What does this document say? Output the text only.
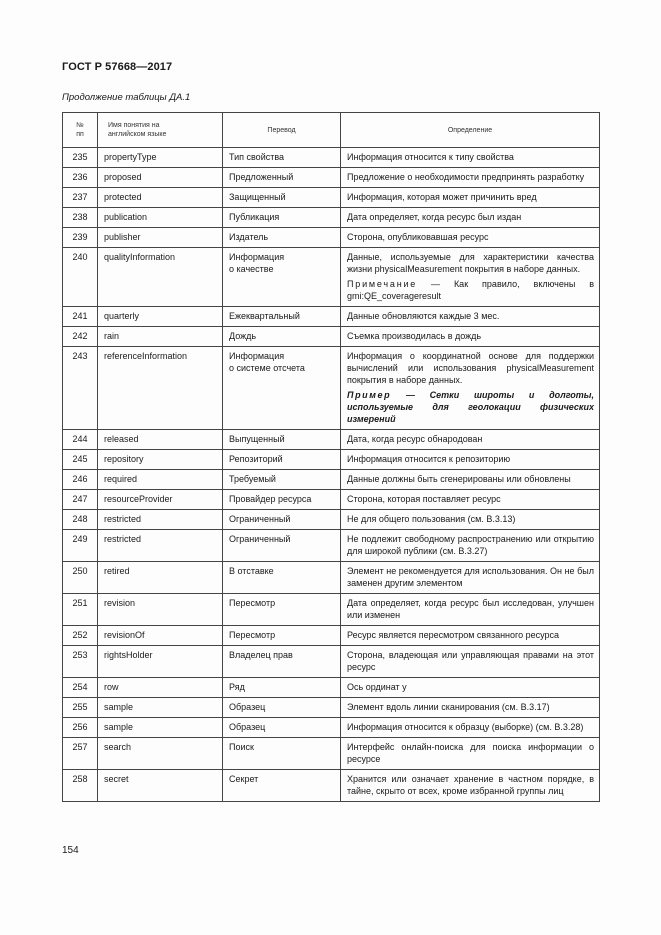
ГОСТ Р 57668—2017
Продолжение таблицы ДА.1
№
пп	Имя понятия на
английском языке	Перевод	Определение
235	propertyType	Тип свойства	Информация относится к типу свойства
236	proposed	Предложенный	Предложение о необходимости предпринять разработку
237	protected	Защищенный	Информация, которая может причинить вред
238	publication	Публикация	Дата определяет, когда ресурс был издан
239	publisher	Издатель	Сторона, опубликовавшая ресурс
240	qualityInformation	Информация
о качестве	Данные, используемые для характеристики качества жизни physicalMeasurement покрытия в наборе данных.
Примечание — Как правило, включены в gmi:QE_coverageresult

241	quarterly	Ежеквартальный	Данные обновляются каждые 3 мес.
242	rain	Дождь	Съемка производилась в дождь
243	referenceInformation	Информация
о системе отсчета	Информация о координатной основе для поддержки вычислений или использования physicalMeasurement покрытия в наборе данных.
Пример — Сетки широты и долготы, используемые для геолокации физических измерений

244	released	Выпущенный	Дата, когда ресурс обнародован
245	repository	Репозиторий	Информация относится к репозиторию
246	required	Требуемый	Данные должны быть сгенерированы или обновлены
247	resourceProvider	Провайдер ресурса	Сторона, которая поставляет ресурс
248	restricted	Ограниченный	Не для общего пользования (см. В.3.13)
249	restricted	Ограниченный	Не подлежит свободному распространению или открытию для широкой публики (см. В.3.27)
250	retired	В отставке	Элемент не рекомендуется для использования. Он не был заменен другим элементом
251	revision	Пересмотр	Дата определяет, когда ресурс был исследован, улучшен или изменен
252	revisionOf	Пересмотр	Ресурс является пересмотром связанного ресурса
253	rightsHolder	Владелец прав	Сторона, владеющая или управляющая правами на этот ресурс
254	row	Ряд	Ось ординат y
255	sample	Образец	Элемент вдоль линии сканирования (см. В.3.17)
256	sample	Образец	Информация относится к образцу (выборке) (см. В.3.28)
257	search	Поиск	Интерфейс онлайн-поиска для поиска информации о ресурсе
258	secret	Секрет	Хранится или означает хранение в частном порядке, в тайне, скрыто от всех, кроме избранной группы лиц
154
